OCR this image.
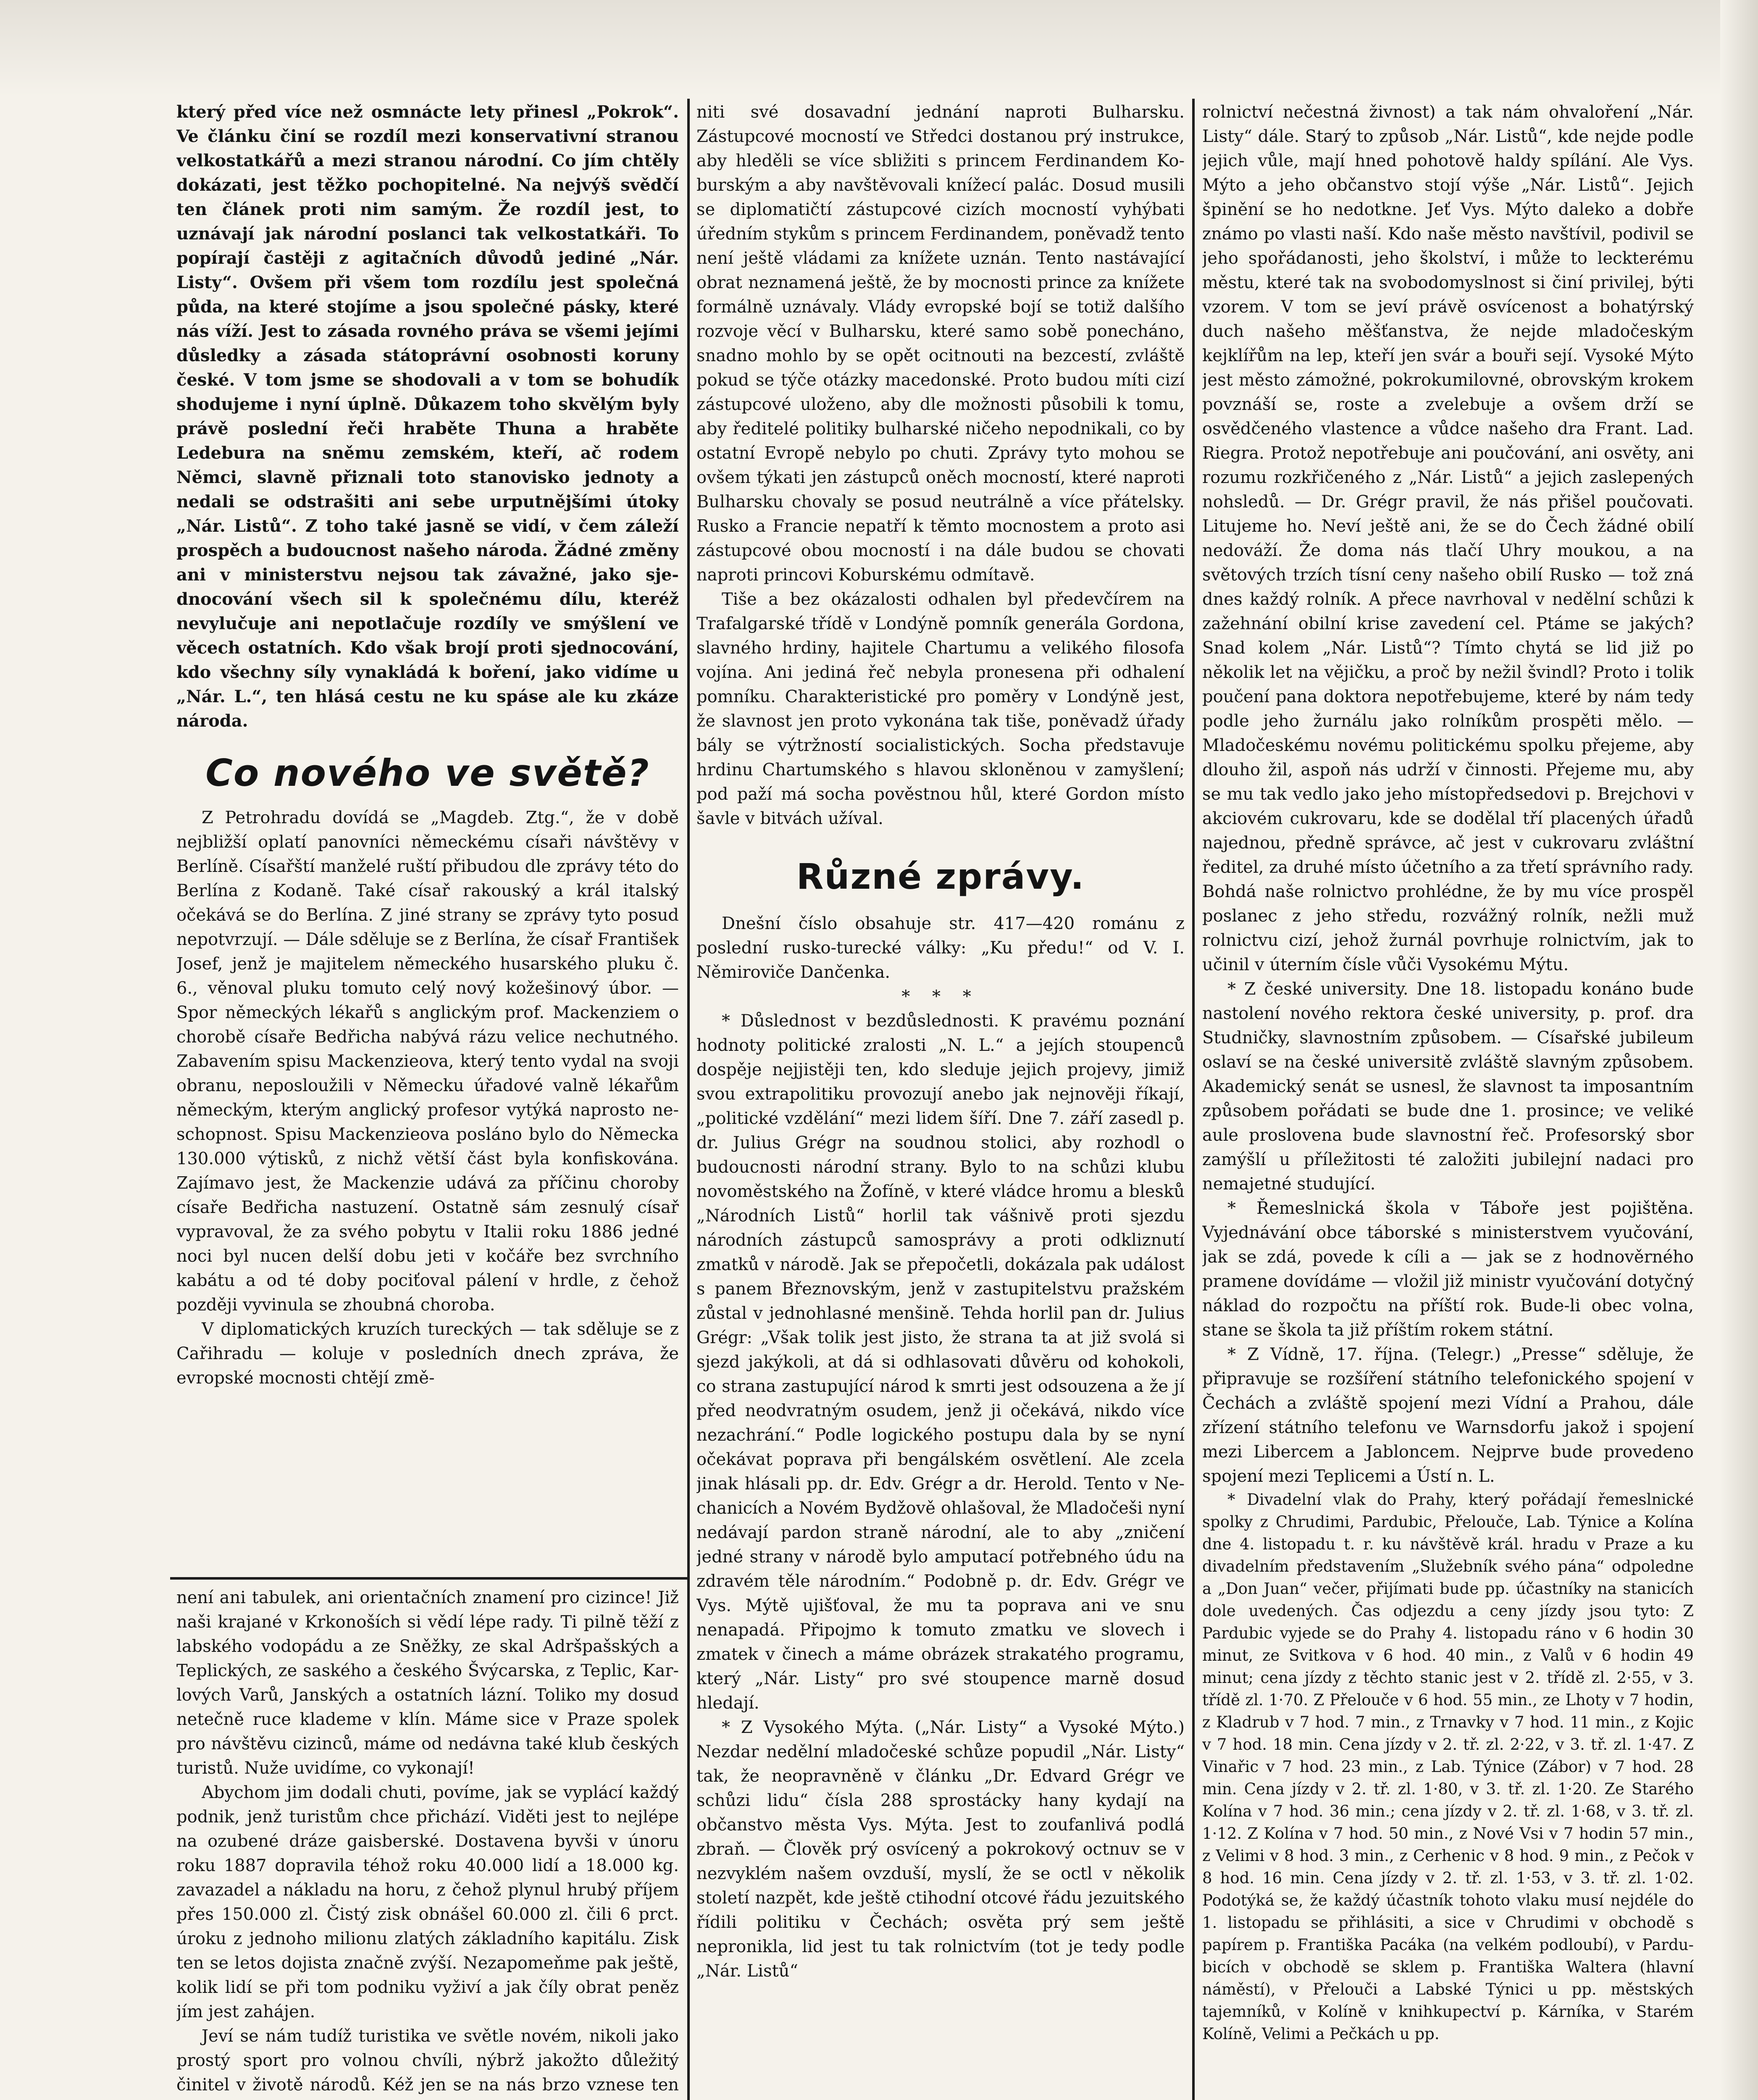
který před více než osmnácte lety přinesl „Pokrok“. Ve článku činí se rozdíl mezi konservativní stranou velkostatkářů a mezi stranou národní. Co jím chtěly dokázati, jest těžko pochopitelné. Na nejvýš svědčí ten článek proti nim samým. Že rozdíl jest, to uznávají jak národní poslanci tak velkostatkáři. To popírají častěji z agitačních důvodů jediné „Nár. Listy“. Ovšem při všem tom rozdílu jest společná půda, na které stojíme a jsou společné pásky, které nás víží. Jest to zásada rovného práva se všemi jejími důsledky a zásada státoprávní osobnosti koruny české. V tom jsme se shodovali a v tom se bohudík shodujeme i nyní úplně. Důkazem toho skvělým byly právě poslední řeči hraběte Thuna a hraběte Ledebura na sněmu zemském, kteří, ač rodem Němci, slavně přiznali toto stanovisko jednoty a nedali se odstrašiti ani sebe urputnějšími útoky „Nár. Listů“. Z toho také jasně se vidí, v čem záleží prospěch a budoucnost našeho národa. Žádné změny ani v ministerstvu nejsou tak závažné, jako sjednocování všech sil k společnému dílu, kteréž nevylučuje ani nepotlačuje rozdíly ve smýšlení ve věcech ostatních. Kdo však brojí proti sjednocování, kdo všechny síly vynakládá k boření, jako vidíme u „Nár. L.“, ten hlásá cestu ne ku spáse ale ku zkáze národa.

Co nového ve světě?

Z Petrohradu dovídá se „Magdeb. Ztg.“, že v době nejbližší oplatí panovníci německému císaři návštěvy v Berlíně. Císařští manželé ruští přibudou dle zprávy této do Berlína z Kodaně. Také císař rakouský a král italský očekává se do Berlína. Z jiné strany se zprávy tyto posud nepotvrzují. — Dále sděluje se z Berlína, že císař František Josef, jenž je majitelem německého husarského pluku č. 6., věnoval pluku tomuto celý nový kožešinový úbor. — Spor německých lékařů s anglickým prof. Mackenziem o chorobě císaře Bedřicha nabývá rázu velice nechutného. Zabavením spisu Mackenzieova, který tento vydal na svoji obranu, neposloužili v Německu úřadové valně lékařům německým, kterým anglický profesor vytýká naprosto neschopnost. Spisu Mackenzieova posláno bylo do Německa 130.000 výtisků, z nichž větší část byla konfiskována. Zajímavo jest, že Mackenzie udává za příčinu choroby císaře Bedřicha nastuzení. Ostatně sám zesnulý císař vypravoval, že za svého pobytu v Italii roku 1886 jedné noci byl nucen delší dobu jeti v kočáře bez svrchního kabátu a od té doby pociťoval pálení v hrdle, z čehož později vyvinula se zhoubná choroba.

V diplomatických kruzích tureckých — tak sděluje se z Cařihradu — koluje v posledních dnech zpráva, že evropské mocnosti chtějí změ-

není ani tabulek, ani orientačních znamení pro cizince! Již naši krajané v Krkonoších si vědí lépe rady. Ti pilně těží z labského vodopádu a ze Sněžky, ze skal Adršpašských a Teplických, ze saského a českého Švýcarska, z Teplic, Karlových Varů, Janských a ostatních lázní. Toliko my dosud netečně ruce klademe v klín. Máme sice v Praze spolek pro návštěvu cizinců, máme od nedávna také klub českých turistů. Nuže uvidíme, co vykonají!

Abychom jim dodali chuti, povíme, jak se vyplácí každý podnik, jenž turistům chce přichází. Viděti jest to nejlépe na ozubené dráze gaisberské. Dostavena byvši v únoru roku 1887 dopravila téhož roku 40.000 lidí a 18.000 kg. zavazadel a nákladu na horu, z čehož plynul hrubý příjem přes 150.000 zl. Čistý zisk obnášel 60.000 zl. čili 6 prct. úroku z jednoho milionu zlatých základního kapitálu. Zisk ten se letos dojista značně zvýší. Nezapomeňme pak ještě, kolik lidí se při tom podniku vyživí a jak číly obrat peněz jím jest zahájen.

Jeví se nám tudíž turistika ve světle novém, nikoli jako prostý sport pro volnou chvíli, nýbrž jakožto důležitý činitel v životě národů. Kéž jen se na nás brzo vznese ten

niti své dosavadní jednání naproti Bulharsku. Zástupcové mocností ve Středci dostanou prý instrukce, aby hleděli se více sbližiti s princem Ferdinandem Koburským a aby navštěvovali knížecí palác. Dosud musili se diplomatičtí zástupcové cizích mocností vyhýbati úředním stykům s princem Ferdinandem, poněvadž tento není ještě vládami za knížete uznán. Tento nastávající obrat neznamená ještě, že by mocnosti prince za knížete formálně uznávaly. Vlády evropské bojí se totiž dalšího rozvoje věcí v Bulharsku, které samo sobě ponecháno, snadno mohlo by se opět ocitnouti na bezcestí, zvláště pokud se týče otázky macedonské. Proto budou míti cizí zástupcové uloženo, aby dle možnosti působili k tomu, aby ředitelé politiky bulharské ničeho nepodnikali, co by ostatní Evropě nebylo po chuti. Zprávy tyto mohou se ovšem týkati jen zástupců oněch mocností, které naproti Bulharsku chovaly se posud neutrálně a více přátelsky. Rusko a Francie nepatří k těmto mocnostem a proto asi zástupcové obou mocností i na dále budou se chovati naproti princovi Koburskému odmítavě.

Tiše a bez okázalosti odhalen byl předevčírem na Trafalgarské třídě v Londýně pomník generála Gordona, slavného hrdiny, hajitele Chartumu a velikého filosofa vojína. Ani jediná řeč nebyla pronesena při odhalení pomníku. Charakteristické pro poměry v Londýně jest, že slavnost jen proto vykonána tak tiše, poněvadž úřady bály se výtržností socialistických. Socha představuje hrdinu Chartumského s hlavou skloněnou v zamyšlení; pod paží má socha pověstnou hůl, které Gordon místo šavle v bitvách užíval.

Různé zprávy.

Dnešní číslo obsahuje str. 417—420 románu z poslední rusko-turecké války: „Ku předu!“ od V. I. Němiroviče Dančenka.

* * *

* Důslednost v bezdůslednosti. K pravému poznání hodnoty politické zralosti „N. L.“ a jejích stoupenců dospěje nejjistěji ten, kdo sleduje jejich projevy, jimiž svou extrapolitiku provozují anebo jak nejnověji říkají, „politické vzdělání“ mezi lidem šíří. Dne 7. září zasedl p. dr. Julius Grégr na soudnou stolici, aby rozhodl o budoucnosti národní strany. Bylo to na schůzi klubu novoměstského na Žofíně, v které vládce hromu a blesků „Národních Listů“ horlil tak vášnivě proti sjezdu národních zástupců samosprávy a proti odkliznutí zmatků v národě. Jak se přepočetli, dokázala pak událost s panem Březnovským, jenž v zastupitelstvu pražském zůstal v jednohlasné menšině. Tehda horlil pan dr. Julius Grégr: „Však tolik jest jisto, že strana ta at již svolá si sjezd jakýkoli, at dá si odhlasovati důvěru od kohokoli, co strana zastupující národ k smrti jest odsouzena a že jí před neodvratným osudem, jenž ji očekává, nikdo více nezachrání.“ Podle logického postupu dala by se nyní očekávat poprava při bengálském osvětlení. Ale zcela jinak hlásali pp. dr. Edv. Grégr a dr. Herold. Tento v Nechanicích a Novém Bydžově ohlašoval, že Mladočeši nyní nedávají pardon straně národní, ale to aby „zničení jedné strany v národě bylo amputací potřebného údu na zdravém těle národním.“ Podobně p. dr. Edv. Grégr ve Vys. Mýtě ujišťoval, že mu ta poprava ani ve snu nenapadá. Připojmo k tomuto zmatku ve slovech i zmatek v činech a máme obrázek strakatého programu, který „Nár. Listy“ pro své stoupence marně dosud hledají.

* Z Vysokého Mýta. („Nár. Listy“ a Vysoké Mýto.) Nezdar nedělní mladočeské schůze popudil „Nár. Listy“ tak, že neopravněně v článku „Dr. Edvard Grégr ve schůzi lidu“ čísla 288 sprostácky hany kydají na občanstvo města Vys. Mýta. Jest to zoufanlivá podlá zbraň. — Člověk prý osvícený a pokrokový octnuv se v nezvyklém našem ovzduší, myslí, že se octl v několik století nazpět, kde ještě ctihodní otcové řádu jezuitského řídili politiku v Čechách; osvěta prý sem ještě nepronikla, lid jest tu tak rolnictvím (tot je tedy podle „Nár. Listů“

rolnictví nečestná živnost) a tak nám ohvaloření „Nár. Listy“ dále. Starý to způsob „Nár. Listů“, kde nejde podle jejich vůle, mají hned pohotově haldy spílání. Ale Vys. Mýto a jeho občanstvo stojí výše „Nár. Listů“. Jejich špinění se ho nedotkne. Jeť Vys. Mýto daleko a dobře známo po vlasti naší. Kdo naše město navštívil, podivil se jeho spořádanosti, jeho školství, i může to leckterému městu, které tak na svobodomyslnost si činí privilej, býti vzorem. V tom se jeví právě osvícenost a bohatýrský duch našeho měšťanstva, že nejde mladočeským kejklířům na lep, kteří jen svár a bouři sejí. Vysoké Mýto jest město zámožné, pokrokumilovné, obrovským krokem povznáší se, roste a zvelebuje a ovšem drží se osvědčeného vlastence a vůdce našeho dra Frant. Lad. Riegra. Protož nepotřebuje ani poučování, ani osvěty, ani rozumu rozkřičeného z „Nár. Listů“ a jejich zaslepených nohsledů. — Dr. Grégr pravil, že nás přišel poučovati. Litujeme ho. Neví ještě ani, že se do Čech žádné obilí nedováží. Že doma nás tlačí Uhry moukou, a na světových trzích tísní ceny našeho obilí Rusko — tož zná dnes každý rolník. A přece navrhoval v nedělní schůzi k zažehnání obilní krise zavedení cel. Ptáme se jakých? Snad kolem „Nár. Listů“? Tímto chytá se lid již po několik let na vějičku, a proč by nežil švindl? Proto i tolik poučení pana doktora nepotřebujeme, které by nám tedy podle jeho žurnálu jako rolníkům prospěti mělo. — Mladočeskému novému politickému spolku přejeme, aby dlouho žil, aspoň nás udrží v činnosti. Přejeme mu, aby se mu tak vedlo jako jeho místopředsedovi p. Brejchovi v akciovém cukrovaru, kde se dodělal tří placených úřadů najednou, předně správce, ač jest v cukrovaru zvláštní ředitel, za druhé místo účetního a za třetí správního rady. Bohdá naše rolnictvo prohlédne, že by mu více prospěl poslanec z jeho středu, rozvážný rolník, nežli muž rolnictvu cizí, jehož žurnál povrhuje rolnictvím, jak to učinil v úterním čísle vůči Vysokému Mýtu.

* Z české university. Dne 18. listopadu konáno bude nastolení nového rektora české university, p. prof. dra Studničky, slavnostním způsobem. — Císařské jubileum oslaví se na české universitě zvláště slavným způsobem. Akademický senát se usnesl, že slavnost ta imposantním způsobem pořádati se bude dne 1. prosince; ve veliké aule proslovena bude slavnostní řeč. Profesorský sbor zamýšlí u příležitosti té založiti jubilejní nadaci pro nemajetné studující.

* Řemeslnická škola v Táboře jest pojištěna. Vyjednávání obce táborské s ministerstvem vyučování, jak se zdá, povede k cíli a — jak se z hodnověrného pramene dovídáme — vložil již ministr vyučování dotyčný náklad do rozpočtu na příští rok. Bude-li obec volna, stane se škola ta již příštím rokem státní.

* Z Vídně, 17. října. (Telegr.) „Presse“ sděluje, že připravuje se rozšíření státního telefonického spojení v Čechách a zvláště spojení mezi Vídní a Prahou, dále zřízení státního telefonu ve Warnsdorfu jakož i spojení mezi Libercem a Jabloncem. Nejprve bude provedeno spojení mezi Teplicemi a Ústí n. L.

* Divadelní vlak do Prahy, který pořádají řemeslnické spolky z Chrudimi, Pardubic, Přelouče, Lab. Týnice a Kolína dne 4. listopadu t. r. ku návštěvě král. hradu v Praze a ku divadelním představením „Služebník svého pána“ odpoledne a „Don Juan“ večer, přijímati bude pp. účastníky na stanicích dole uvedených. Čas odjezdu a ceny jízdy jsou tyto: Z Pardubic vyjede se do Prahy 4. listopadu ráno v 6 hodin 30 minut, ze Svitkova v 6 hod. 40 min., z Valů v 6 hodin 49 minut; cena jízdy z těchto stanic jest v 2. třídě zl. 2·55, v 3. třídě zl. 1·70. Z Přelouče v 6 hod. 55 min., ze Lhoty v 7 hodin, z Kladrub v 7 hod. 7 min., z Trnavky v 7 hod. 11 min., z Kojic v 7 hod. 18 min. Cena jízdy v 2. tř. zl. 2·22, v 3. tř. zl. 1·47. Z Vinařic v 7 hod. 23 min., z Lab. Týnice (Zábor) v 7 hod. 28 min. Cena jízdy v 2. tř. zl. 1·80, v 3. tř. zl. 1·20. Ze Starého Kolína v 7 hod. 36 min.; cena jízdy v 2. tř. zl. 1·68, v 3. tř. zl. 1·12. Z Kolína v 7 hod. 50 min., z Nové Vsi v 7 hodin 57 min., z Velimi v 8 hod. 3 min., z Cerhenic v 8 hod. 9 min., z Pečok v 8 hod. 16 min. Cena jízdy v 2. tř. zl. 1·53, v 3. tř. zl. 1·02. Podotýká se, že každý účastník tohoto vlaku musí nejdéle do 1. listopadu se přihlásiti, a sice v Chrudimi v obchodě s papírem p. Františka Pacáka (na velkém podloubí), v Pardubicích v obchodě se sklem p. Františka Waltera (hlavní náměstí), v Přelouči a Labské Týnici u pp. městských tajemníků, v Kolíně v knihkupectví p. Kárníka, v Starém Kolíně, Velimi a Pečkách u pp.
